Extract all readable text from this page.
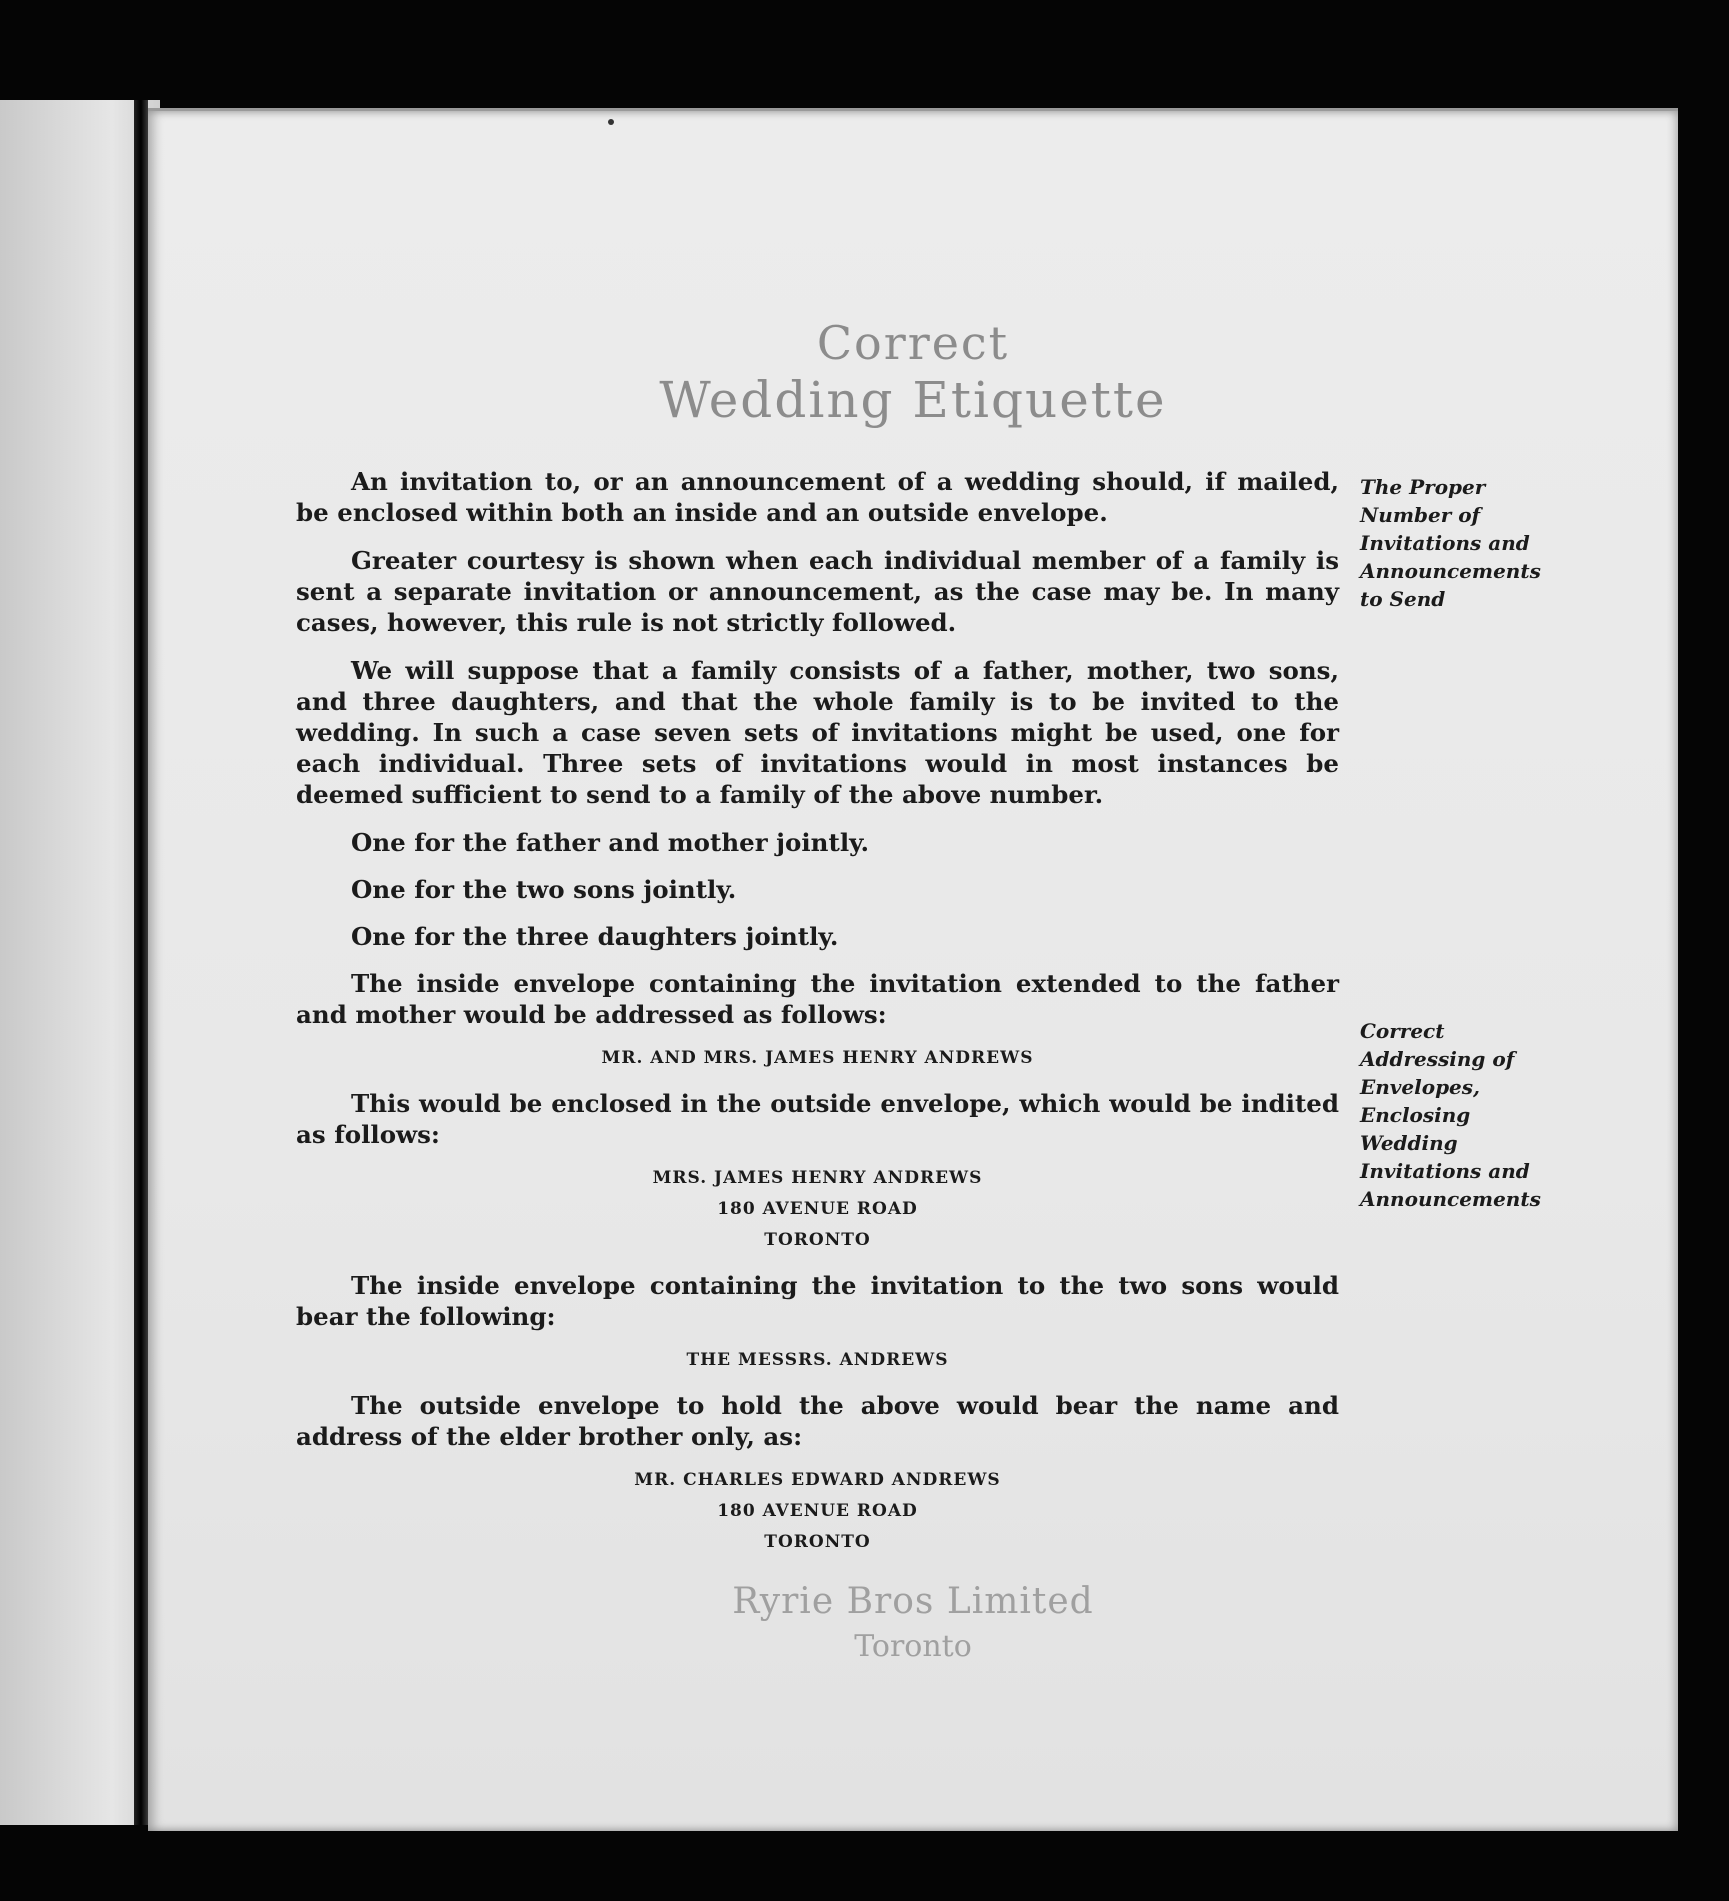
Correct
Wedding Etiquette

An invitation to, or an announcement of a wedding should, if mailed, be enclosed within both an inside and an outside envelope.

Greater courtesy is shown when each individual member of a family is sent a separate invitation or announcement, as the case may be. In many cases, however, this rule is not strictly followed.

We will suppose that a family consists of a father, mother, two sons, and three daughters, and that the whole family is to be invited to the wedding. In such a case seven sets of invitations might be used, one for each individual. Three sets of invitations would in most instances be deemed sufficient to send to a family of the above number.

One for the father and mother jointly.

One for the two sons jointly.

One for the three daughters jointly.

The inside envelope containing the invitation extended to the father and mother would be addressed as follows:

MR. AND MRS. JAMES HENRY ANDREWS

This would be enclosed in the outside envelope, which would be indited as follows:

MRS. JAMES HENRY ANDREWS
180 AVENUE ROAD
TORONTO

The inside envelope containing the invitation to the two sons would bear the following:

THE MESSRS. ANDREWS

The outside envelope to hold the above would bear the name and address of the elder brother only, as:

MR. CHARLES EDWARD ANDREWS
180 AVENUE ROAD
TORONTO
The Proper Number of Invitations and Announcements to Send
Correct Addressing of Envelopes, Enclosing Wedding Invitations and Announcements
Ryrie Bros Limited
Toronto
